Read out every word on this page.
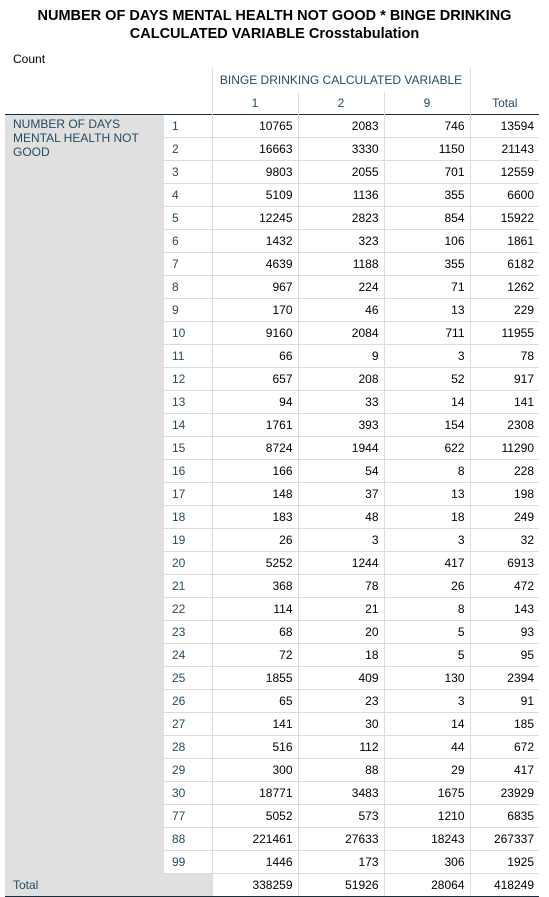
NUMBER OF DAYS MENTAL HEALTH NOT GOOD * BINGE DRINKING
CALCULATED VARIABLE Crosstabulation
Count
		BINGE DRINKING CALCULATED VARIABLE			
		1	2	9	Total
NUMBER OF DAYS MENTAL HEALTH NOT GOOD	1	10765	2083	746	13594
	2	16663	3330	1150	21143
	3	9803	2055	701	12559
	4	5109	1136	355	6600
	5	12245	2823	854	15922
	6	1432	323	106	1861
	7	4639	1188	355	6182
	8	967	224	71	1262
	9	170	46	13	229
	10	9160	2084	711	11955
	11	66	9	3	78
	12	657	208	52	917
	13	94	33	14	141
	14	1761	393	154	2308
	15	8724	1944	622	11290
	16	166	54	8	228
	17	148	37	13	198
	18	183	48	18	249
	19	26	3	3	32
	20	5252	1244	417	6913
	21	368	78	26	472
	22	114	21	8	143
	23	68	20	5	93
	24	72	18	5	95
	25	1855	409	130	2394
	26	65	23	3	91
	27	141	30	14	185
	28	516	112	44	672
	29	300	88	29	417
	30	18771	3483	1675	23929
	77	5052	573	1210	6835
	88	221461	27633	18243	267337
	99	1446	173	306	1925
Total		338259	51926	28064	418249
